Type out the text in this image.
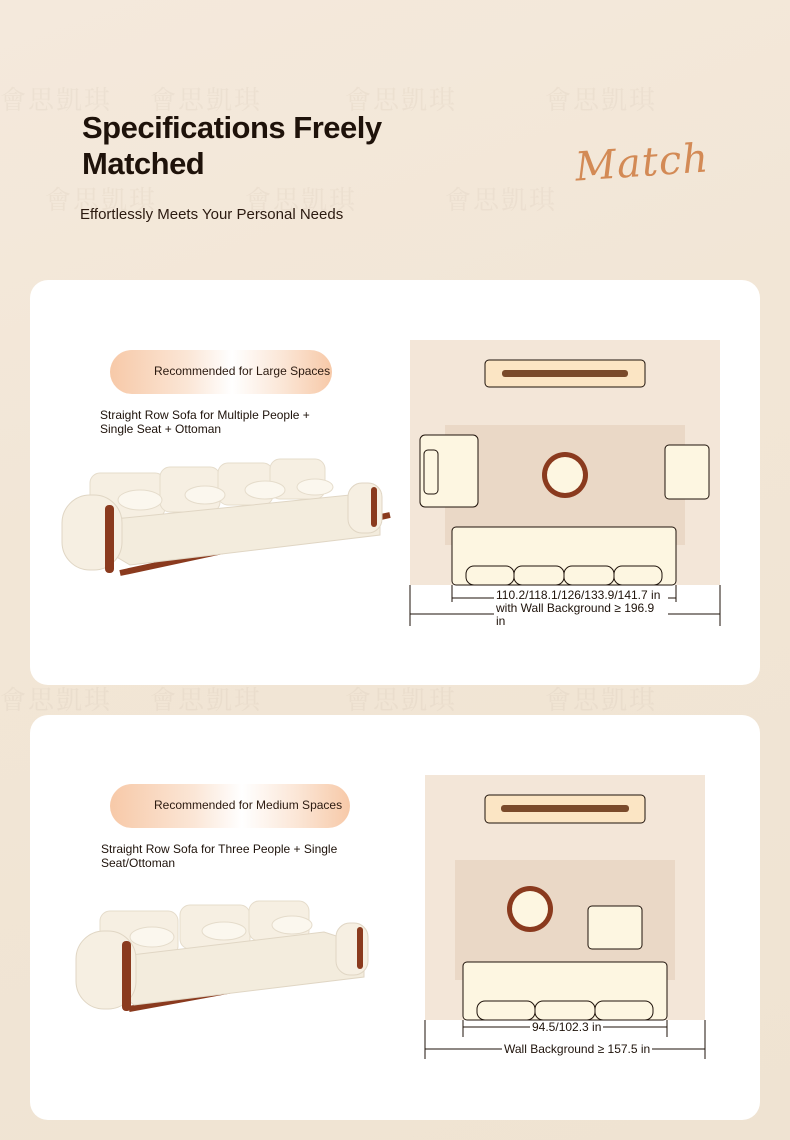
會思凱琪 會思凱琪	會思凱琪	會思凱琪
會思凱琪	會思凱琪	會思凱琪
會思凱琪 會思凱琪	會思凱琪	會思凱琪
Specifications Freely Matched
Effortlessly Meets Your Personal Needs
Match
Recommended for Large Spaces
Straight Row Sofa for Multiple People + Single Seat + Ottoman
110.2/118.1/126/133.9/141.7 in with Wall Background ≥ 196.9 in
Recommended for Medium Spaces
Straight Row Sofa for Three People + Single Seat/Ottoman
94.5/102.3 in
Wall Background ≥ 157.5 in
